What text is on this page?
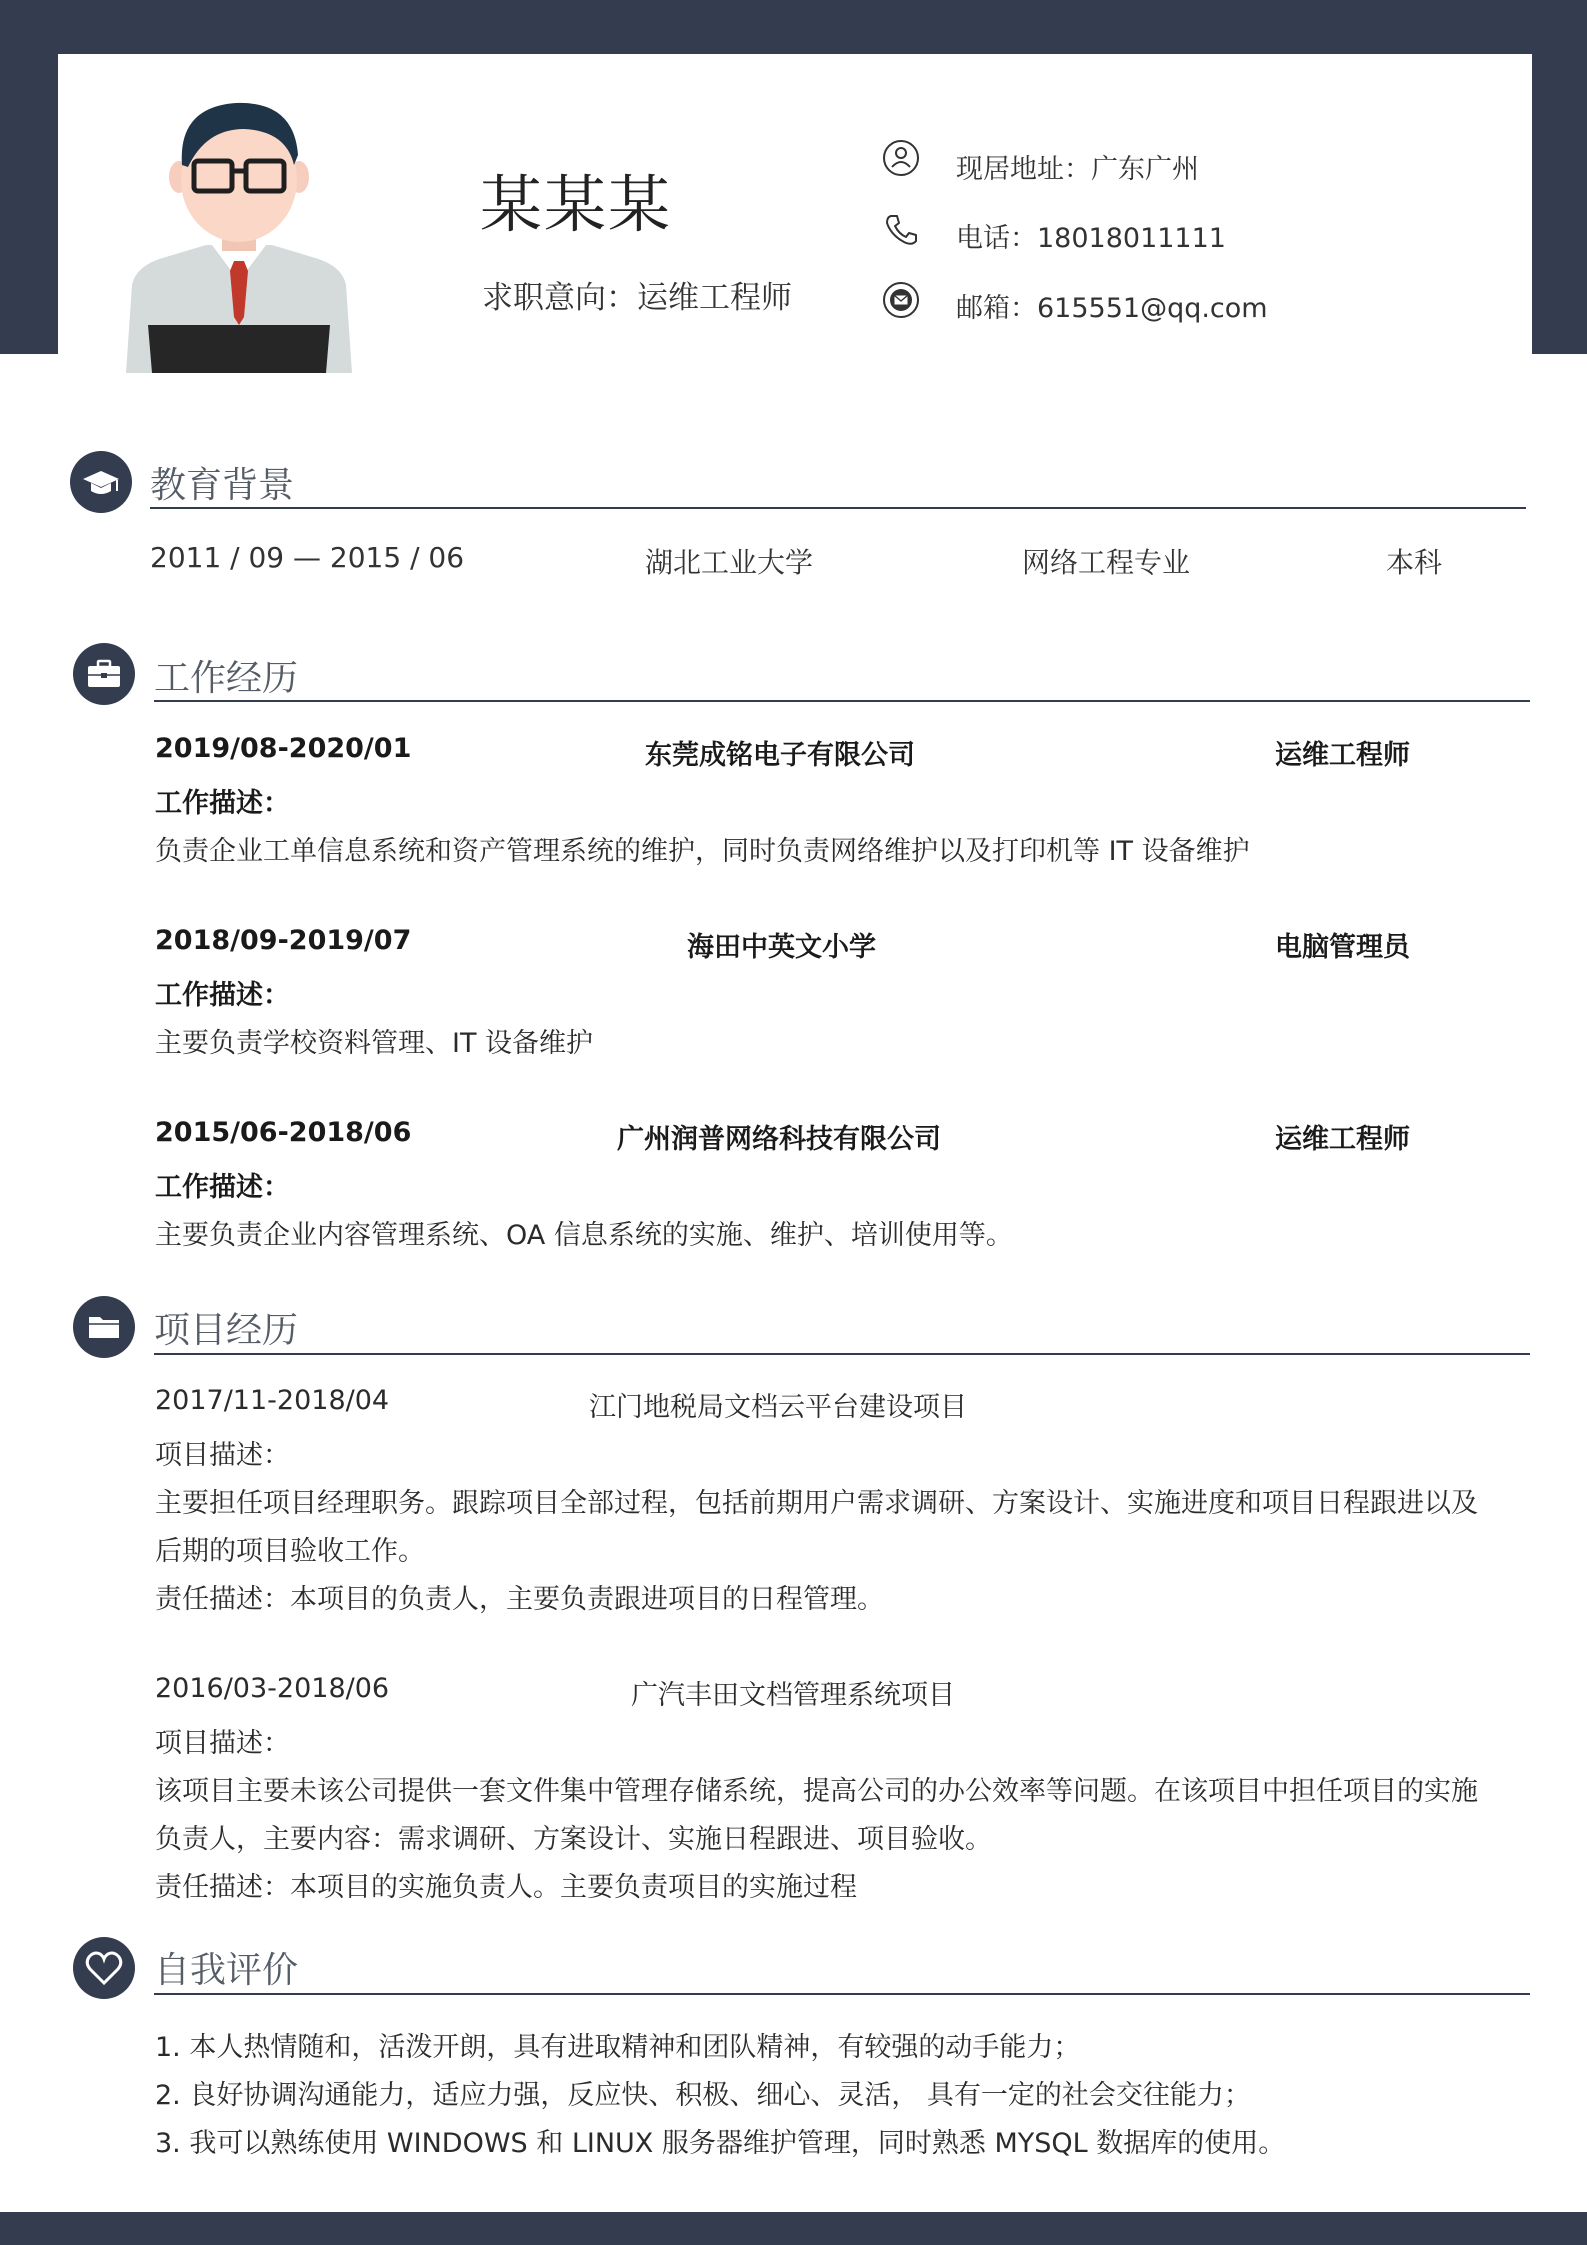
某某某
求职意向：运维工程师
现居地址：广东广州
电话：18018011111
邮箱：615551@qq.com
教育背景
2011 / 09 — 2015 / 06	湖北工业大学	网络工程专业	本科
工作经历
2019/08-2020/01	东莞成铭电子有限公司	运维工程师
工作描述：
负责企业工单信息系统和资产管理系统的维护，同时负责网络维护以及打印机等 IT 设备维护
2018/09-2019/07	海田中英文小学	电脑管理员
工作描述：
主要负责学校资料管理、IT 设备维护
2015/06-2018/06	广州润普网络科技有限公司	运维工程师
工作描述：
主要负责企业内容管理系统、OA 信息系统的实施、维护、培训使用等。
项目经历
2017/11-2018/04	江门地税局文档云平台建设项目
项目描述：
主要担任项目经理职务。跟踪项目全部过程，包括前期用户需求调研、方案设计、实施进度和项目日程跟进以及
后期的项目验收工作。
责任描述：本项目的负责人，主要负责跟进项目的日程管理。
2016/03-2018/06	广汽丰田文档管理系统项目
项目描述：
该项目主要未该公司提供一套文件集中管理存储系统，提高公司的办公效率等问题。在该项目中担任项目的实施
负责人，主要内容：需求调研、方案设计、实施日程跟进、项目验收。
责任描述：本项目的实施负责人。主要负责项目的实施过程
自我评价
1. 本人热情随和，活泼开朗，具有进取精神和团队精神，有较强的动手能力；
2. 良好协调沟通能力，适应力强，反应快、积极、细心、灵活， 具有一定的社会交往能力；
3. 我可以熟练使用 WINDOWS 和 LINUX 服务器维护管理，同时熟悉 MYSQL 数据库的使用。
